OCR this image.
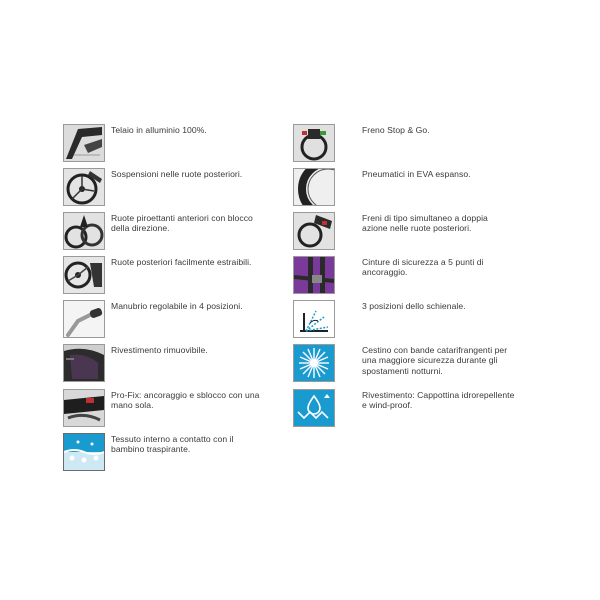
Telaio in alluminio 100%.
Sospensioni nelle ruote posteriori.
Ruote piroettanti anteriori con blocco
della direzione.
Ruote posteriori facilmente estraibili.
Manubrio regolabile in 4 posizioni.
Rivestimento rimuovibile.
Pro-Fix: ancoraggio e sblocco con una
mano sola.
Tessuto interno a contatto con il
bambino traspirante.
Freno Stop & Go.
Pneumatici in EVA espanso.
Freni di tipo simultaneo a doppia
azione nelle ruote posteriori.
Cinture di sicurezza a 5 punti di
ancoraggio.
3 posizioni dello schienale.
Cestino con bande catarifrangenti per
una maggiore sicurezza durante gli
spostamenti notturni.
Rivestimento: Cappottina idrorepellente
e wind-proof.
